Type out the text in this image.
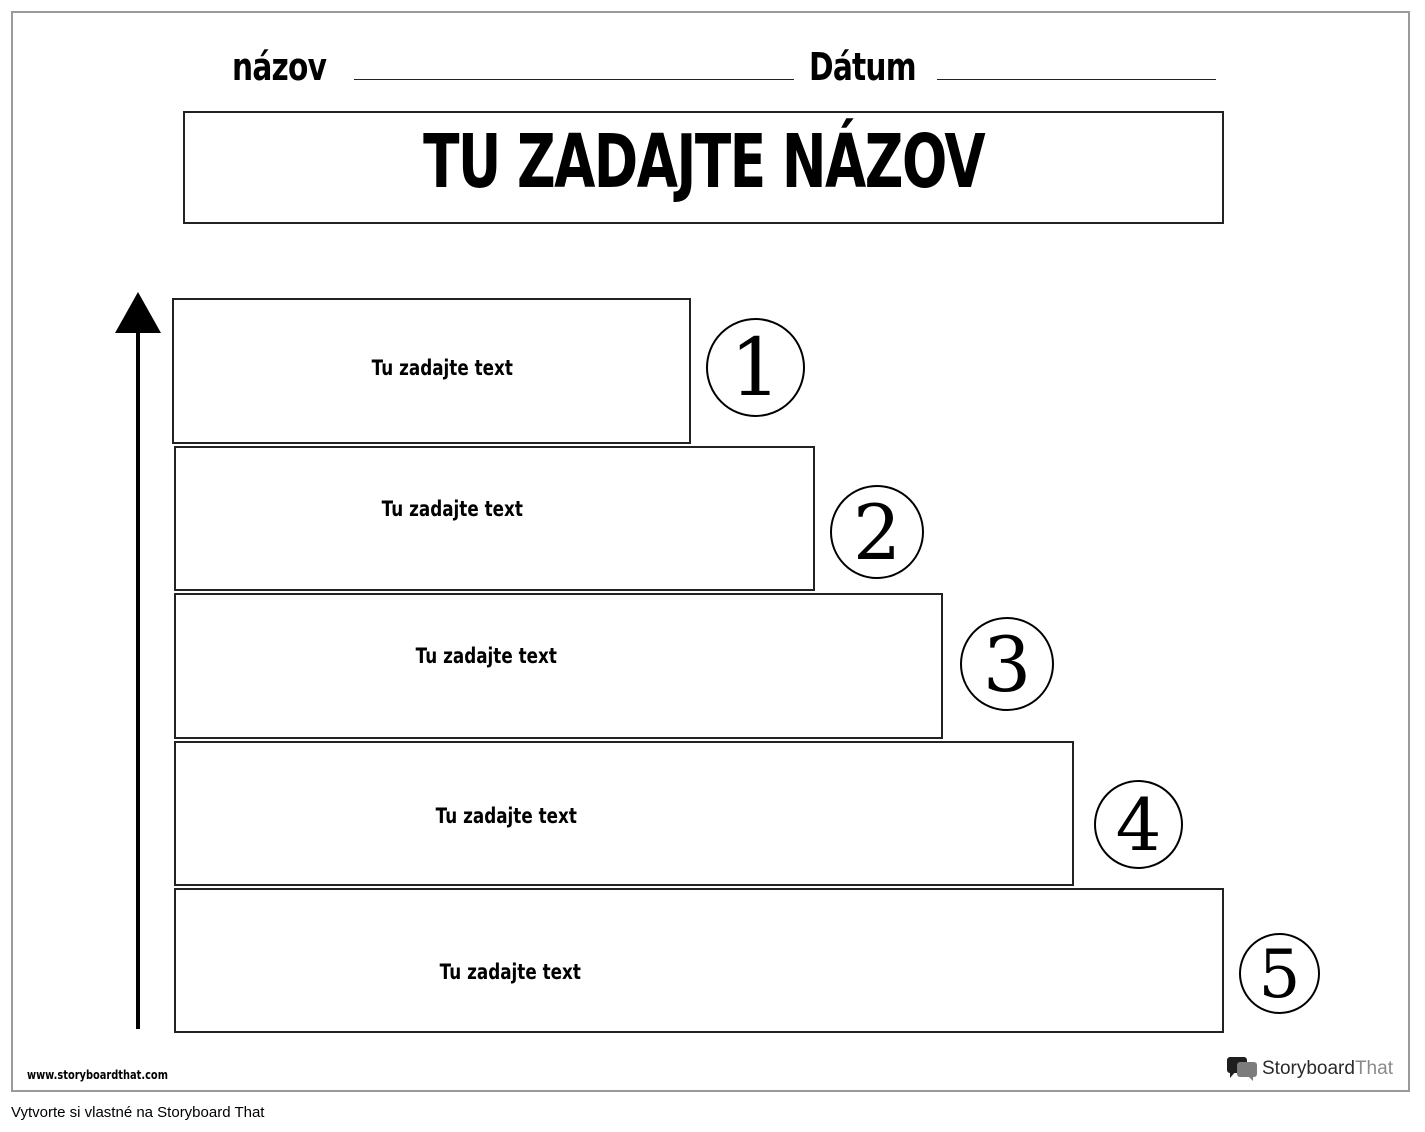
názov	Dátum
TU ZADAJTE NÁZOV
Tu zadajte text	1
Tu zadajte text	2
Tu zadajte text	3
Tu zadajte text	4
Tu zadajte text	5
www.storyboardthat.com	StoryboardThat
Vytvorte si vlastné na Storyboard That
